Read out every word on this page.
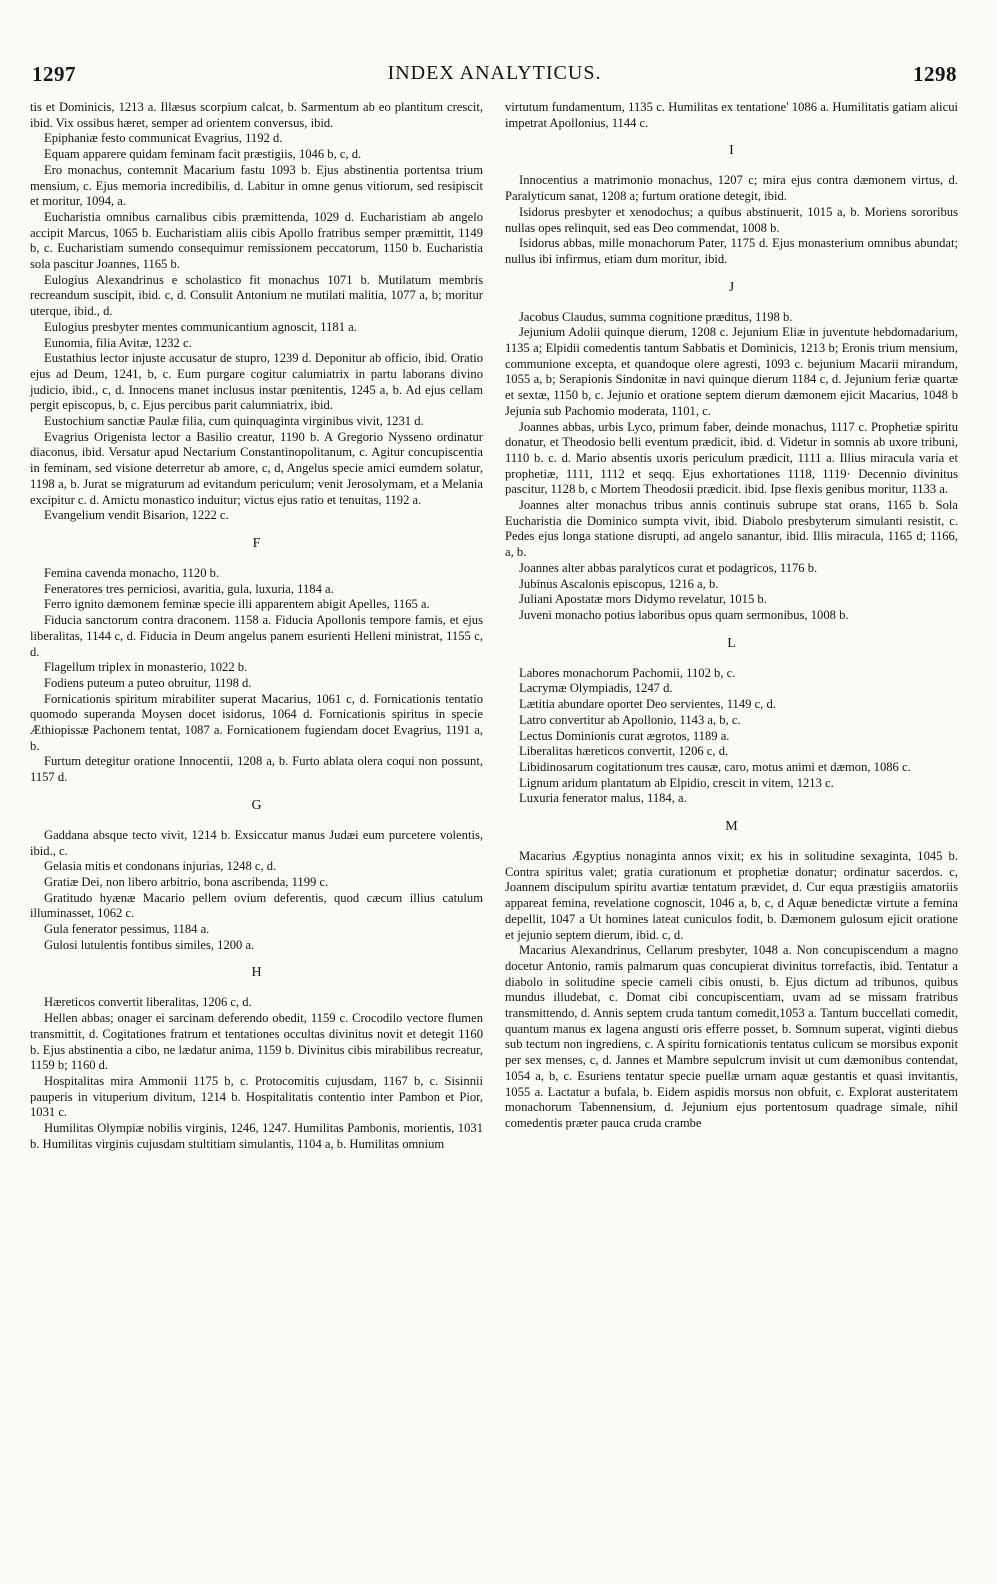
1297	INDEX ANALYTICUS.	1298

tis et Dominicis, 1213 a. Illæsus scorpium calcat, b. Sarmentum ab eo plantitum crescit, ibid. Vix ossibus hæret, semper ad orientem conversus, ibid.

Epiphaniæ festo communicat Evagrius, 1192 d.

Equam apparere quidam feminam facit præstigiis, 1046 b, c, d.

Ero monachus, contemnit Macarium fastu 1093 b. Ejus abstinentia portentsa trium mensium, c. Ejus memoria incredibilis, d. Labitur in omne genus vitiorum, sed resipiscit et moritur, 1094, a.

Eucharistia omnibus carnalibus cibis præmittenda, 1029 d. Eucharistiam ab angelo accipit Marcus, 1065 b. Eucharistiam aliis cibis Apollo fratribus semper præmittit, 1149 b, c. Eucharistiam sumendo consequimur remissionem peccatorum, 1150 b. Eucharistia sola pascitur Joannes, 1165 b.

Eulogius Alexandrinus e scholastico fit monachus 1071 b. Mutilatum membris recreandum suscipit, ibid. c, d. Consulit Antonium ne mutilati malitia, 1077 a, b; moritur uterque, ibid., d.

Eulogius presbyter mentes communicantium agnoscit, 1181 a.

Eunomia, filia Avitæ, 1232 c.

Eustathius lector injuste accusatur de stupro, 1239 d. Deponitur ab officio, ibid. Oratio ejus ad Deum, 1241, b, c. Eum purgare cogitur calumiatrix in partu laborans divino judicio, ibid., c, d. Innocens manet inclusus instar pœnitentis, 1245 a, b. Ad ejus cellam pergit episcopus, b, c. Ejus percibus parit calumniatrix, ibid.

Eustochium sanctiæ Paulæ filia, cum quinquaginta virginibus vivit, 1231 d.

Evagrius Origenista lector a Basilio creatur, 1190 b. A Gregorio Nysseno ordinatur diaconus, ibid. Versatur apud Nectarium Constantinopolitanum, c. Agitur concupiscentia in feminam, sed visione deterretur ab amore, c, d, Angelus specie amici eumdem solatur, 1198 a, b. Jurat se migraturum ad evitandum periculum; venit Jerosolymam, et a Melania excipitur c. d. Amictu monastico induitur; victus ejus ratio et tenuitas, 1192 a.

Evangelium vendit Bisarion, 1222 c.

F

Femina cavenda monacho, 1120 b.

Feneratores tres perniciosi, avaritia, gula, luxuria, 1184 a.

Ferro ignito dæmonem feminæ specie illi apparentem abigit Apelles, 1165 a.

Fiducia sanctorum contra draconem. 1158 a. Fiducia Apollonis tempore famis, et ejus liberalitas, 1144 c, d. Fiducia in Deum angelus panem esurienti Helleni ministrat, 1155 c, d.

Flagellum triplex in monasterio, 1022 b.

Fodiens puteum a puteo obruitur, 1198 d.

Fornicationis spiritum mirabiliter superat Macarius, 1061 c, d. Fornicationis tentatio quomodo superanda Moysen docet isidorus, 1064 d. Fornicationis spiritus in specie Æthiopissæ Pachonem tentat, 1087 a. Fornicationem fugiendam docet Evagrius, 1191 a, b.

Furtum detegitur oratione Innocentii, 1208 a, b. Furto ablata olera coqui non possunt, 1157 d.

G

Gaddana absque tecto vivit, 1214 b. Exsiccatur manus Judæi eum purcetere volentis, ibid., c.

Gelasia mitis et condonans injurias, 1248 c, d.

Gratiæ Dei, non libero arbitrio, bona ascribenda, 1199 c.

Gratitudo hyænæ Macario pellem ovium deferentis, quod cæcum illius catulum illuminasset, 1062 c.

Gula fenerator pessimus, 1184 a.

Gulosi lutulentis fontibus similes, 1200 a.

H

Hæreticos convertit liberalitas, 1206 c, d.

Hellen abbas; onager ei sarcinam deferendo obedit, 1159 c. Crocodilo vectore flumen transmittit, d. Cogitationes fratrum et tentationes occultas divinitus novit et detegit 1160 b. Ejus abstinentia a cibo, ne lædatur anima, 1159 b. Divinitus cibis mirabilibus recreatur, 1159 b; 1160 d.

Hospitalitas mira Ammonii 1175 b, c. Protocomitis cujusdam, 1167 b, c. Sisinnii pauperis in vituperium divitum, 1214 b. Hospitalitatis contentio inter Pambon et Pior, 1031 c.

Humilitas Olympiæ nobilis virginis, 1246, 1247. Humilitas Pambonis, morientis, 1031 b. Humilitas virginis cujusdam stultitiam simulantis, 1104 a, b. Humilitas omnium

virtutum fundamentum, 1135 c. Humilitas ex tentatione' 1086 a. Humilitatis gatiam alicui impetrat Apollonius, 1144 c.

I

Innocentius a matrimonio monachus, 1207 c; mira ejus contra dæmonem virtus, d. Paralyticum sanat, 1208 a; furtum oratione detegit, ibid.

Isidorus presbyter et xenodochus; a quibus abstinuerit, 1015 a, b. Moriens sororibus nullas opes relinquit, sed eas Deo commendat, 1008 b.

Isidorus abbas, mille monachorum Pater, 1175 d. Ejus monasterium omnibus abundat; nullus ibi infirmus, etiam dum moritur, ibid.

J

Jacobus Claudus, summa cognitione præditus, 1198 b.

Jejunium Adolii quinque dierum, 1208 c. Jejunium Eliæ in juventute hebdomadarium, 1135 a; Elpidii comedentis tantum Sabbatis et Dominicis, 1213 b; Eronis trium mensium, communione excepta, et quandoque olere agresti, 1093 c. bejunium Macarii mirandum, 1055 a, b; Serapionis Sindonitæ in navi quinque dierum 1184 c, d. Jejunium feriæ quartæ et sextæ, 1150 b, c. Jejunio et oratione septem dierum dæmonem ejicit Macarius, 1048 b Jejunia sub Pachomio moderata, 1101, c.

Joannes abbas, urbis Lyco, primum faber, deinde monachus, 1117 c. Prophetiæ spiritu donatur, et Theodosio belli eventum prædicit, ibid. d. Videtur in somnis ab uxore tribuni, 1110 b. c. d. Mario absentis uxoris periculum prædicit, 1111 a. Illius miracula varia et prophetiæ, 1111, 1112 et seqq. Ejus exhortationes 1118, 1119· Decennio divinitus pascitur, 1128 b, c Mortem Theodosii prædicit. ibid. Ipse flexis genibus moritur, 1133 a.

Joannes alter monachus tribus annis continuis subrupe stat orans, 1165 b. Sola Eucharistia die Dominico sumpta vivit, ibid. Diabolo presbyterum simulanti resistit, c. Pedes ejus longa statione disrupti, ad angelo sanantur, ibid. Illis miracula, 1165 d; 1166, a, b.

Joannes alter abbas paralyticos curat et podagricos, 1176 b.

Jubinus Ascalonis episcopus, 1216 a, b.

Juliani Apostatæ mors Didymo revelatur, 1015 b.

Juveni monacho potius laboribus opus quam sermonibus, 1008 b.

L

Labores monachorum Pachomii, 1102 b, c.

Lacrymæ Olympiadis, 1247 d.

Lætitia abundare oportet Deo servientes, 1149 c, d.

Latro convertitur ab Apollonio, 1143 a, b, c.

Lectus Dominionis curat ægrotos, 1189 a.

Liberalitas hæreticos convertit, 1206 c, d.

Libidinosarum cogitationum tres causæ, caro, motus animi et dæmon, 1086 c.

Lignum aridum plantatum ab Elpidio, crescit in vitem, 1213 c.

Luxuria fenerator malus, 1184, a.

M

Macarius Ægyptius nonaginta annos vixit; ex his in solitudine sexaginta, 1045 b. Contra spiritus valet; gratia curationum et prophetiæ donatur; ordinatur sacerdos. c, Joannem discipulum spiritu avartiæ tentatum prævidet, d. Cur equa præstigiis amatoriis appareat femina, revelatione cognoscit, 1046 a, b, c, d Aquæ benedictæ virtute a femina depellit, 1047 a Ut homines lateat cuniculos fodit, b. Dæmonem gulosum ejicit oratione et jejunio septem dierum, ibid. c, d.

Macarius Alexandrinus, Cellarum presbyter, 1048 a. Non concupiscendum a magno docetur Antonio, ramis palmarum quas concupierat divinitus torrefactis, ibid. Tentatur a diabolo in solitudine specie cameli cibis onusti, b. Ejus dictum ad tribunos, quibus mundus illudebat, c. Domat cibi concupiscentiam, uvam ad se missam fratribus transmittendo, d. Annis septem cruda tantum comedit,1053 a. Tantum buccellati comedit, quantum manus ex lagena angusti oris efferre posset, b. Somnum superat, viginti diebus sub tectum non ingrediens, c. A spiritu fornicationis tentatus culicum se morsibus exponit per sex menses, c, d. Jannes et Mambre sepulcrum invisit ut cum dæmonibus contendat, 1054 a, b, c. Esuriens tentatur specie puellæ urnam aquæ gestantis et quasi invitantis, 1055 a. Lactatur a bufala, b. Eidem aspidis morsus non obfuit, c. Explorat austeritatem monachorum Tabennensium, d. Jejunium ejus portentosum quadrage simale, nihil comedentis præter pauca cruda crambe
